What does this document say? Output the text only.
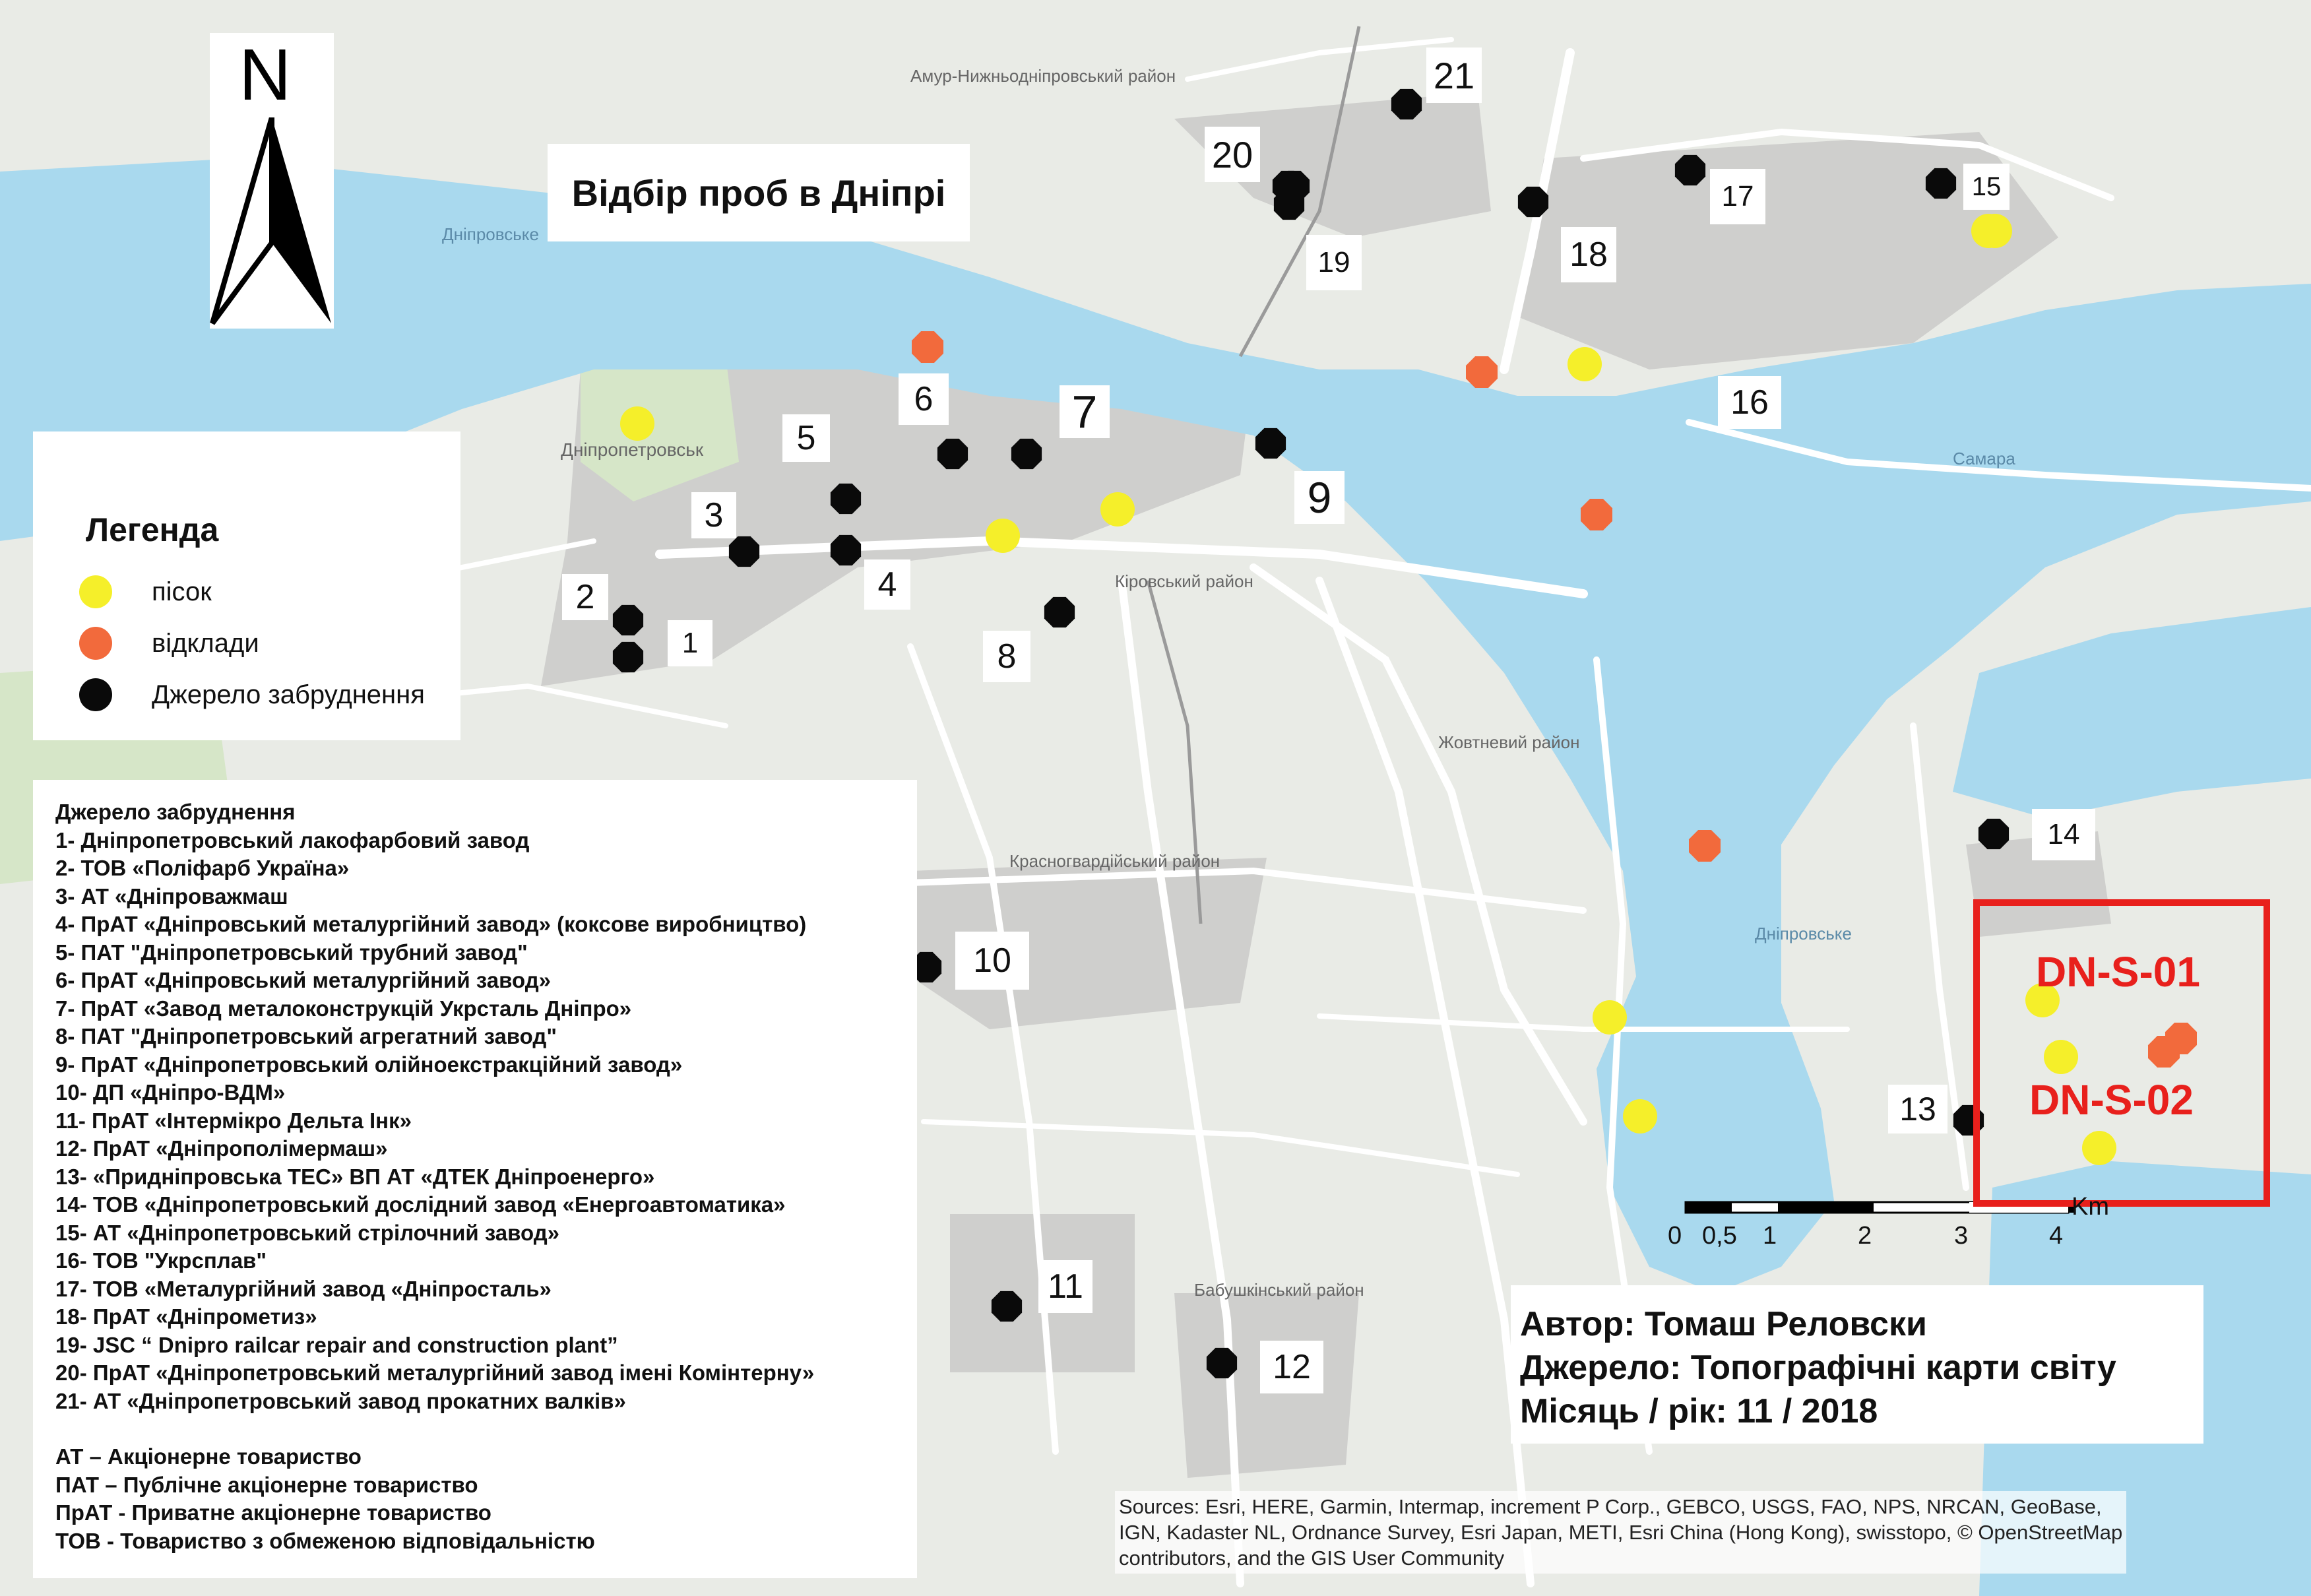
Дніпропетровськ
Кіровський район
Жовтневий район
Красногвардійський район
Бабушкінський район
Амур-Нижньодніпровський район
Дніпровське
Дніпровське
Самара
Відбір проб в Дніпрі
N
Легенда
пісок
відклади
Джерело забруднення
Джерело забруднення
1- Дніпропетровський лакофарбовий завод
2- ТОВ «Поліфарб Україна»
3- АТ «Дніпроважмаш
4- ПрАТ «Дніпровський металургійний завод» (коксове виробництво)
5- ПАТ "Дніпропетровський трубний завод"
6- ПрАТ «Дніпровський металургійний завод»
7- ПрАТ «Завод металоконструкцій Укрсталь Дніпро»
8- ПАТ "Дніпропетровський агрегатний завод"
9- ПрАТ «Дніпропетровський олійноекстракційний завод»
10- ДП «Дніпро-ВДМ»
11- ПрАТ «Інтермікро Дельта Інк»
12- ПрАТ «Дніпрополімермаш»
13- «Придніпровська ТЕС» ВП АТ «ДТЕК Дніпроенерго»
14- ТОВ «Дніпропетровський дослідний завод «Енергоавтоматика»
15- АТ «Дніпропетровський стрілочний завод»
16- ТОВ "Укрсплав"
17- ТОВ «Металургійний завод «Дніпросталь»
18- ПрАТ «Дніпрометиз»
19- JSC “ Dnipro railcar repair and construction plant”
20- ПрАТ «Дніпропетровський металургійний завод імені Комінтерну»
21- АТ «Дніпропетровський завод прокатних валків»
АТ – Акціонерне товариство
ПАТ – Публічне акціонерне товариство
ПрАТ - Приватне акціонерне товариство
ТОВ - Товариство з обмеженою відповідальністю
Автор: Томаш Реловски
Джерело: Топографічні карти світу
Місяць / рік: 11 / 2018
Sources: Esri, HERE, Garmin, Intermap, increment P Corp., GEBCO, USGS, FAO, NPS, NRCAN, GeoBase,
IGN, Kadaster NL, Ordnance Survey, Esri Japan, METI, Esri China (Hong Kong), swisstopo, © OpenStreetMap
contributors, and the GIS User Community
0 0,5 1	2	3	4
Km
DN-S-01
DN-S-02
1
2
3
4
5
6	7
8
9
10
11
12
13
14
15
16
17
18
19
20
21
